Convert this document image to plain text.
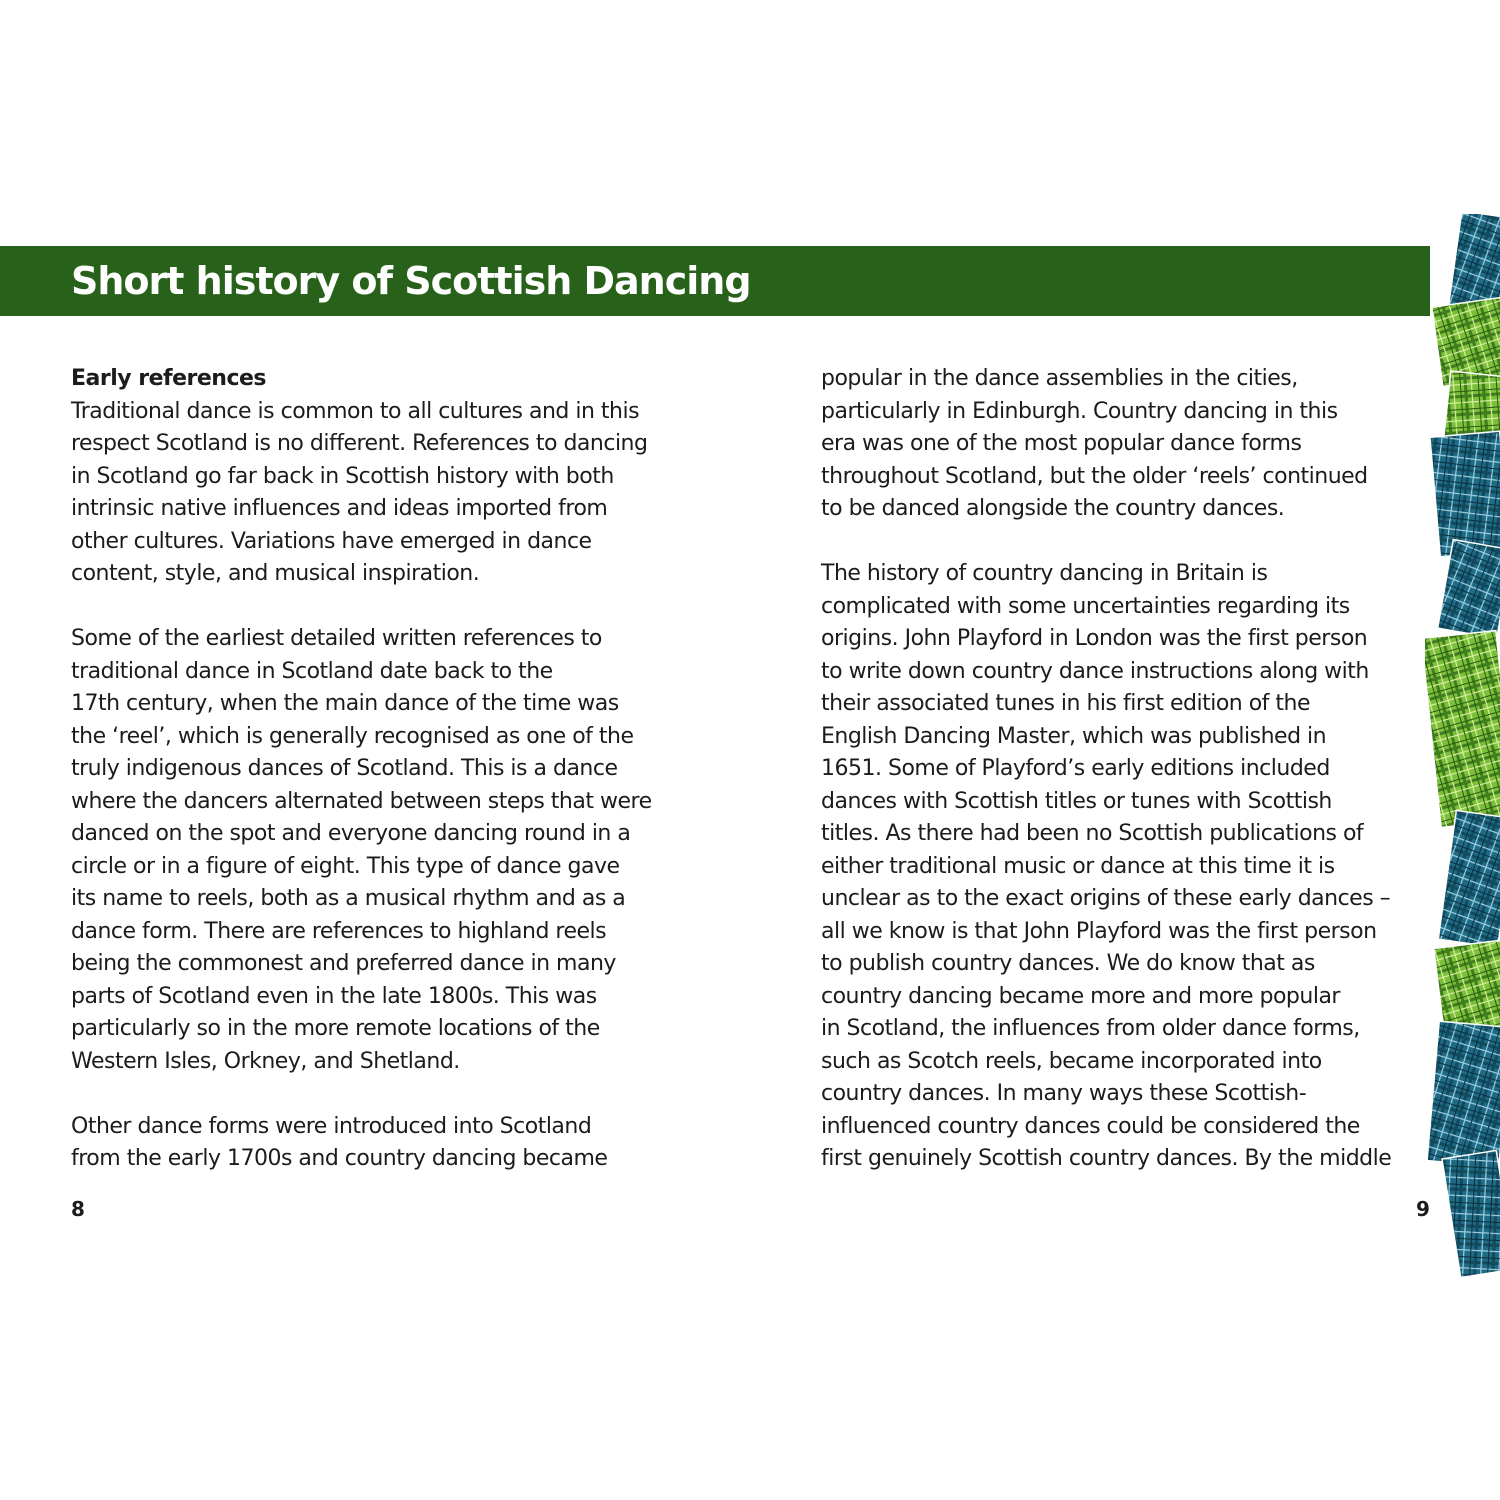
Short history of Scottish Dancing
Early references

Traditional dance is common to all cultures and in this
respect Scotland is no different. References to dancing
in Scotland go far back in Scottish history with both
intrinsic native influences and ideas imported from
other cultures. Variations have emerged in dance
content, style, and musical inspiration.

Some of the earliest detailed written references to
traditional dance in Scotland date back to the
17th century, when the main dance of the time was
the ‘reel’, which is generally recognised as one of the
truly indigenous dances of Scotland. This is a dance
where the dancers alternated between steps that were
danced on the spot and everyone dancing round in a
circle or in a figure of eight. This type of dance gave
its name to reels, both as a musical rhythm and as a
dance form. There are references to highland reels
being the commonest and preferred dance in many
parts of Scotland even in the late 1800s. This was
particularly so in the more remote locations of the
Western Isles, Orkney, and Shetland.

Other dance forms were introduced into Scotland
from the early 1700s and country dancing became

popular in the dance assemblies in the cities,
particularly in Edinburgh. Country dancing in this
era was one of the most popular dance forms
throughout Scotland, but the older ‘reels’ continued
to be danced alongside the country dances.

The history of country dancing in Britain is
complicated with some uncertainties regarding its
origins. John Playford in London was the first person
to write down country dance instructions along with
their associated tunes in his first edition of the
English Dancing Master, which was published in
1651. Some of Playford’s early editions included
dances with Scottish titles or tunes with Scottish
titles. As there had been no Scottish publications of
either traditional music or dance at this time it is
unclear as to the exact origins of these early dances –
all we know is that John Playford was the first person
to publish country dances. We do know that as
country dancing became more and more popular
in Scotland, the influences from older dance forms,
such as Scotch reels, became incorporated into
country dances. In many ways these Scottish-
influenced country dances could be considered the
first genuinely Scottish country dances. By the middle

8	9
